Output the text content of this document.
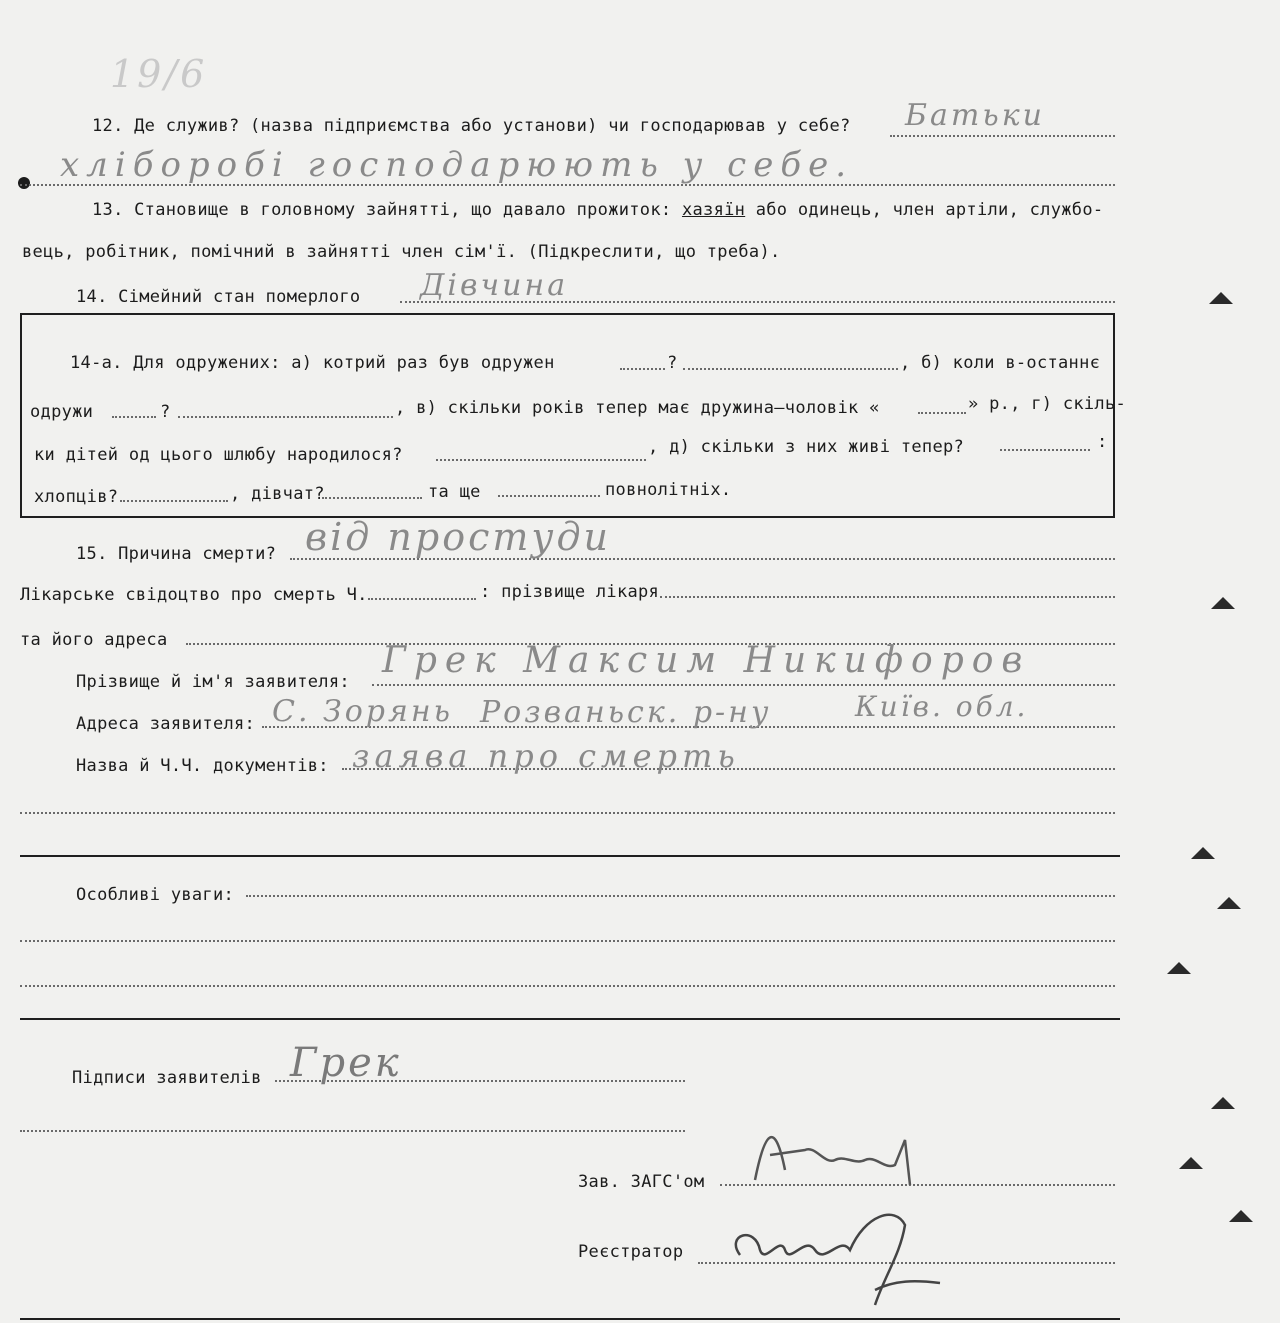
19/6
12. Де служив? (назва підприємства або установи) чи господарював у себе? Батьки
хліборобі господарюють у себе.
13. Становище в головному зайнятті, що давало прожиток: хазяїн або одинець, член артіли, службо-
вець, робітник, помічний в зайнятті член сім'ї. (Підкреслити, що треба).
14. Сімейний стан померлого Дівчина
14-а. Для одружених: а) котрий раз був одружен	?	, б) коли в-останнє
одружи	?	, в) скільки років тепер має дружина—чоловік «	» р., г) скіль-
ки дітей од цього шлюбу народилося?	, д) скільки з них живі тепер?	:
хлопців?	, дівчат?	та ще	повнолітніх.
15. Причина смерти? від простуди
Лікарське свідоцтво про смерть Ч.	: прізвище лікаря
та його адреса
Прізвище й ім'я заявителя:
Грек Максим Никифоров
Адреса заявителя: С. Зорянь Розваньск. р-ну	Київ. обл.
Назва й Ч.Ч. документів: заява про смерть
Особливі уваги:
Підписи заявителів Грек
Зав. ЗАГС'ом
Реєстратор
